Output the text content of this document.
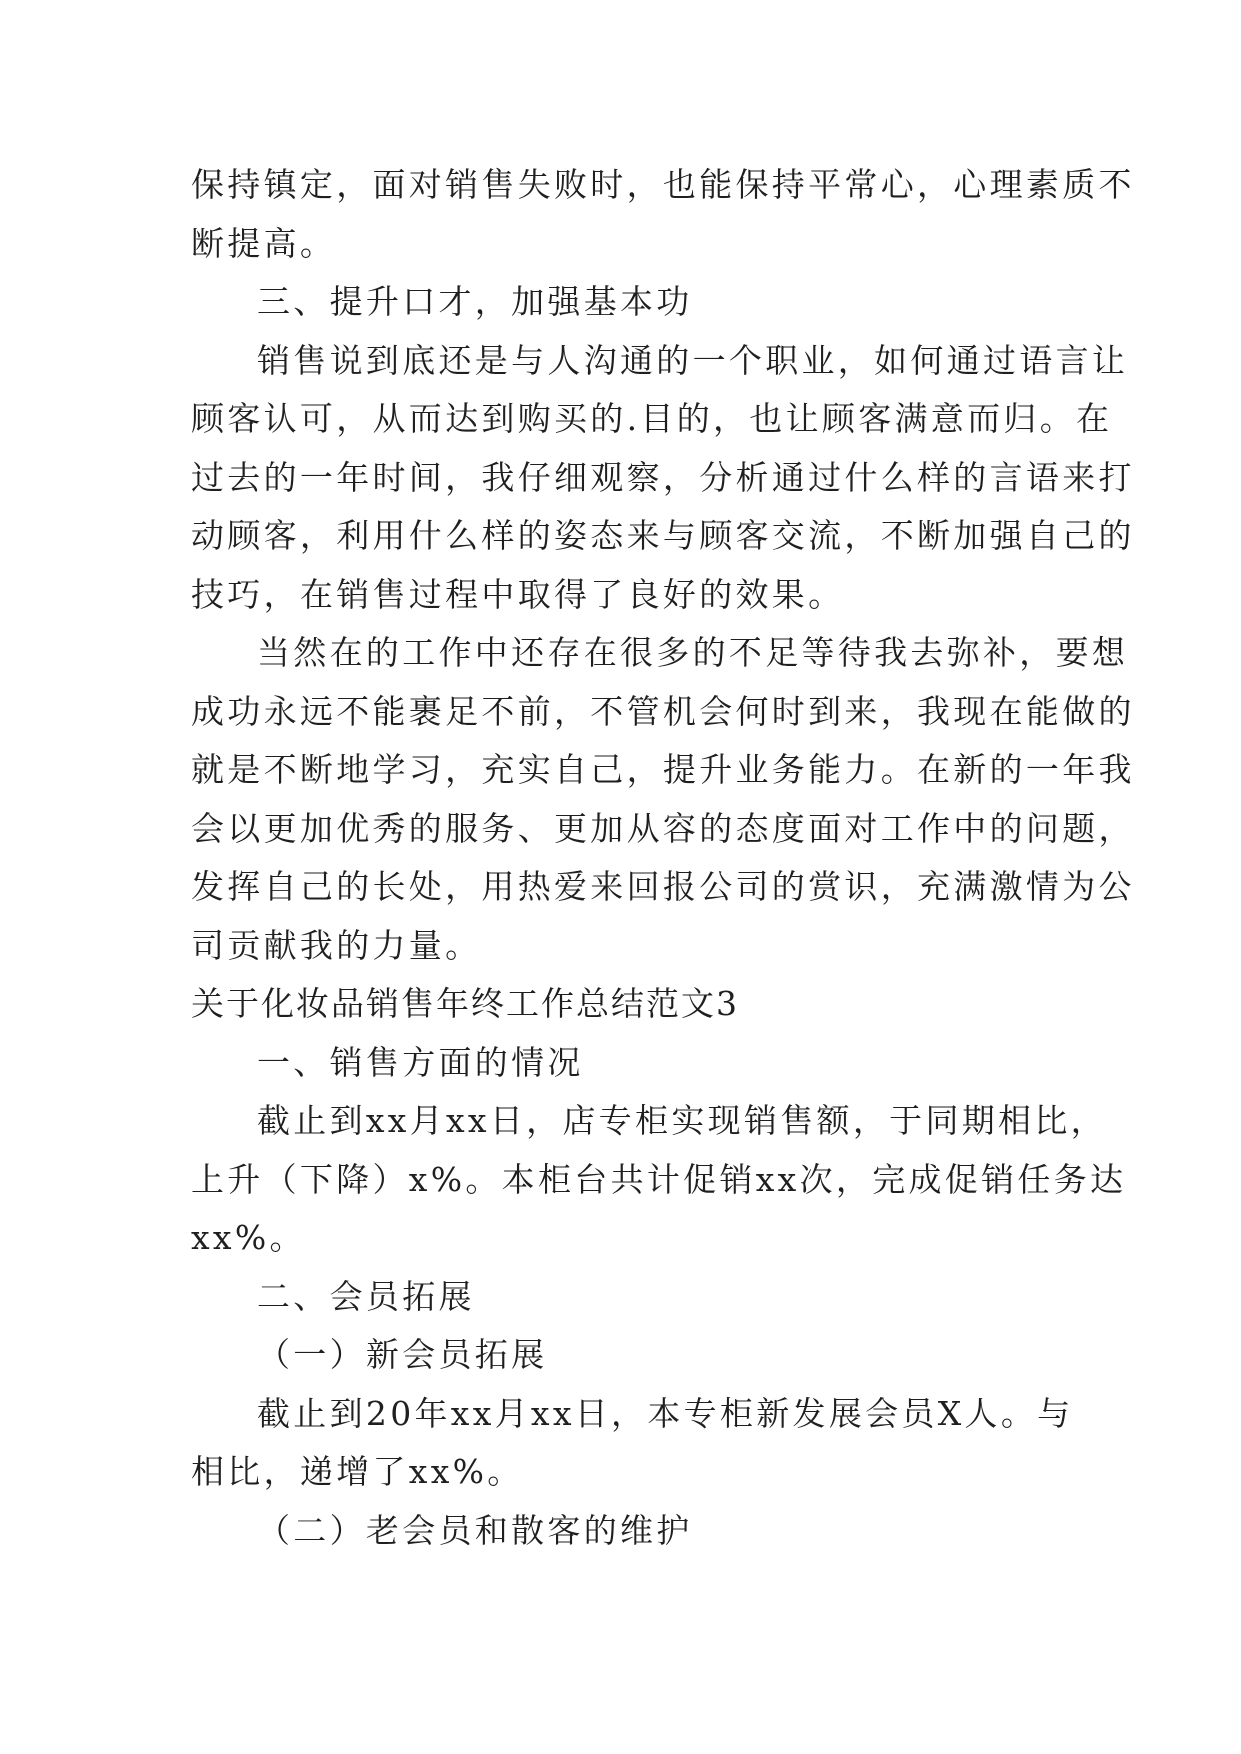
保持镇定，面对销售失败时，也能保持平常心，心理素质不
断提高。
三、提升口才，加强基本功
销售说到底还是与人沟通的一个职业，如何通过语言让
顾客认可，从而达到购买的.目的，也让顾客满意而归。在
过去的一年时间，我仔细观察，分析通过什么样的言语来打
动顾客，利用什么样的姿态来与顾客交流，不断加强自己的
技巧，在销售过程中取得了良好的效果。
当然在的工作中还存在很多的不足等待我去弥补，要想
成功永远不能裹足不前，不管机会何时到来，我现在能做的
就是不断地学习，充实自己，提升业务能力。在新的一年我
会以更加优秀的服务、更加从容的态度面对工作中的问题，
发挥自己的长处，用热爱来回报公司的赏识，充满激情为公
司贡献我的力量。
关于化妆品销售年终工作总结范文3
一、销售方面的情况
截止到xx月xx日，店专柜实现销售额，于同期相比，
上升（下降）x%。本柜台共计促销xx次，完成促销任务达
xx%。
二、会员拓展
（一）新会员拓展
截止到20年xx月xx日，本专柜新发展会员X人。与
相比，递增了xx%。
（二）老会员和散客的维护
